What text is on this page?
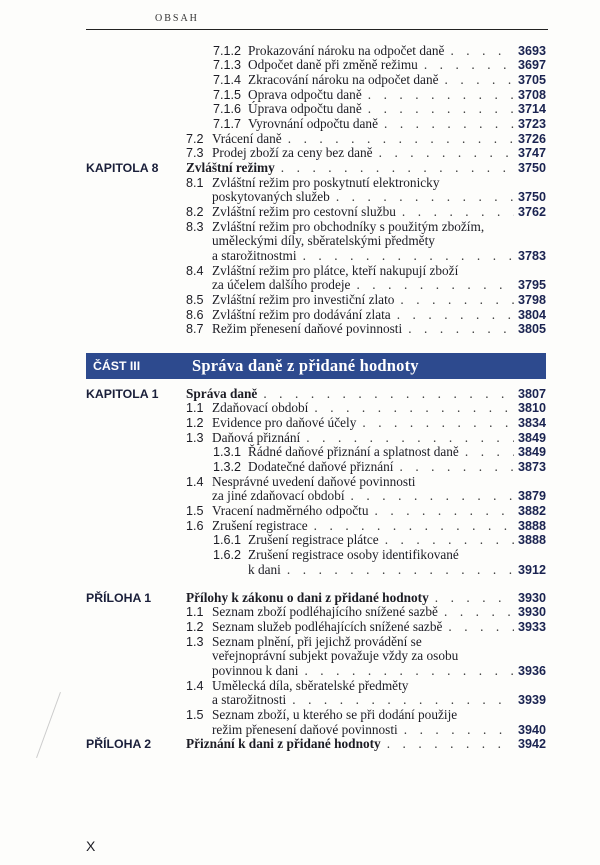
OBSAH
7.1.2 Prokazování nároku na odpočet daně . . .	3693
7.1.3 Odpočet daně při změně režimu . . .	3697
7.1.4 Zkracování nároku na odpočet daně . . .	3705
7.1.5 Oprava odpočtu daně . . .	3708
7.1.6 Úprava odpočtu daně . . .	3714
7.1.7 Vyrovnání odpočtu daně . . .	3723
7.2 Vrácení daně . . .	3726
7.3 Prodej zboží za ceny bez daně . . .	3747
KAPITOLA 8 Zvláštní režimy . . .	3750
8.1 Zvláštní režim pro poskytnutí elektronicky
poskytovaných služeb . . .	3750
8.2 Zvláštní režim pro cestovní službu . . .	3762
8.3 Zvláštní režim pro obchodníky s použitým zbožím,
uměleckými díly, sběratelskými předměty
a starožitnostmi . . .	3783
8.4 Zvláštní režim pro plátce, kteří nakupují zboží
za účelem dalšího prodeje . . .	3795
8.5 Zvláštní režim pro investiční zlato . . .	3798
8.6 Zvláštní režim pro dodávání zlata . . .	3804
8.7 Režim přenesení daňové povinnosti . . .	3805
ČÁST III	Správa daně z přidané hodnoty
KAPITOLA 1 Správa daně . . .	3807
1.1 Zdaňovací období . . .	3810
1.2 Evidence pro daňové účely . . .	3834
1.3 Daňová přiznání . . .	3849
1.3.1 Řádné daňové přiznání a splatnost daně . . .	3849
1.3.2 Dodatečné daňové přiznání . . .	3873
1.4 Nesprávné uvedení daňové povinnosti
za jiné zdaňovací období . . .	3879
1.5 Vracení nadměrného odpočtu . . .	3882
1.6 Zrušení registrace . . .	3888
1.6.1 Zrušení registrace plátce . . .	3888
1.6.2 Zrušení registrace osoby identifikované
k dani . . .	3912
PŘÍLOHA 1	Přílohy k zákonu o dani z přidané hodnoty . . .	3930
1.1 Seznam zboží podléhajícího snížené sazbě . . .	3930
1.2 Seznam služeb podléhajících snížené sazbě . . .	3933
1.3 Seznam plnění, při jejichž provádění se
veřejnoprávní subjekt považuje vždy za osobu
povinnou k dani . . .	3936
1.4 Umělecká díla, sběratelské předměty
a starožitnosti . . .	3939
1.5 Seznam zboží, u kterého se při dodání použije
režim přenesení daňové povinnosti . . .	3940
PŘÍLOHA 2	Přiznání k dani z přidané hodnoty . . .	3942
X
